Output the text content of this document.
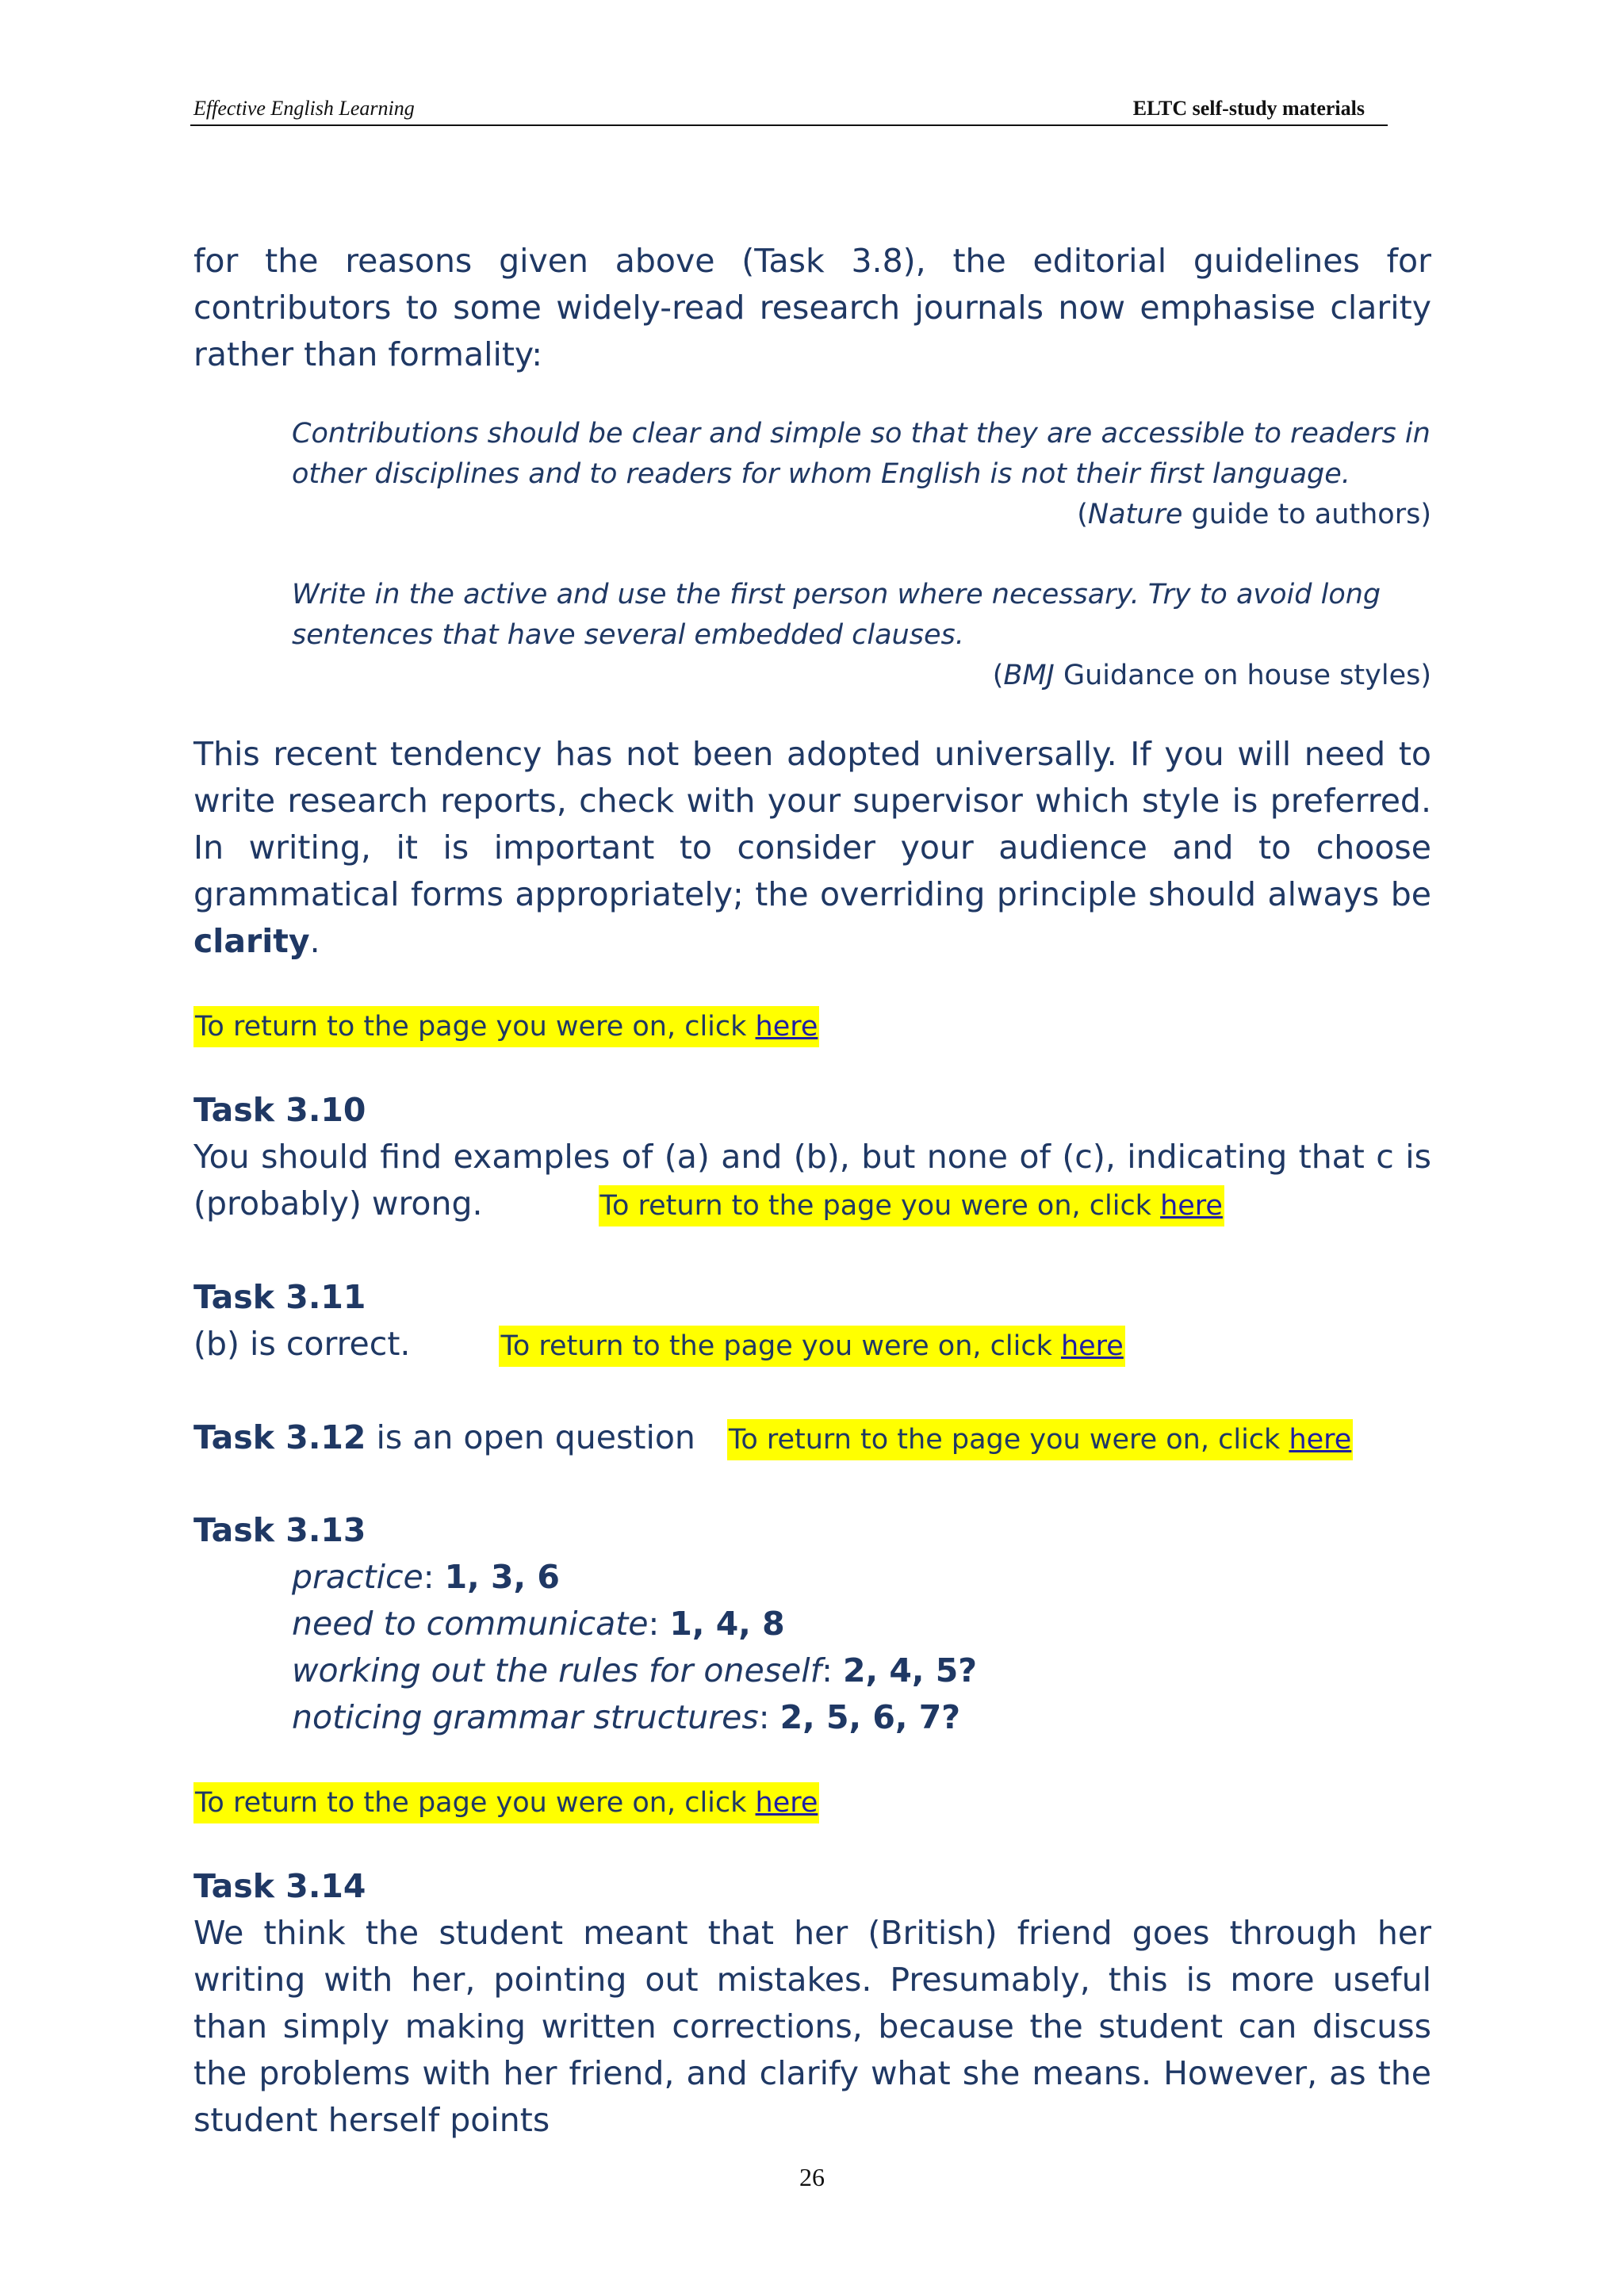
Effective English Learning	ELTC self-study materials

for the reasons given above (Task 3.8), the editorial guidelines for contributors to some widely-read research journals now emphasise clarity rather than formality:

Contributions should be clear and simple so that they are accessible to readers in other disciplines and to readers for whom English is not their first language.
(Nature guide to authors)
Write in the active and use the first person where necessary. Try to avoid long sentences that have several embedded clauses.
(BMJ Guidance on house styles)

This recent tendency has not been adopted universally. If you will need to write research reports, check with your supervisor which style is preferred. In writing, it is important to consider your audience and to choose grammatical forms appropriately; the overriding principle should always be clarity.

To return to the page you were on, click here
Task 3.10

You should find examples of (a) and (b), but none of (c), indicating that c is (probably) wrong.	To return to the page you were on, click here

Task 3.11
(b) is correct.	To return to the page you were on, click here
Task 3.12 is an open question To return to the page you were on, click here
Task 3.13
practice: 1, 3, 6
need to communicate: 1, 4, 8
working out the rules for oneself: 2, 4, 5?
noticing grammar structures: 2, 5, 6, 7?
To return to the page you were on, click here
Task 3.14

We think the student meant that her (British) friend goes through her writing with her, pointing out mistakes. Presumably, this is more useful than simply making written corrections, because the student can discuss the problems with her friend, and clarify what she means. However, as the student herself points

26
